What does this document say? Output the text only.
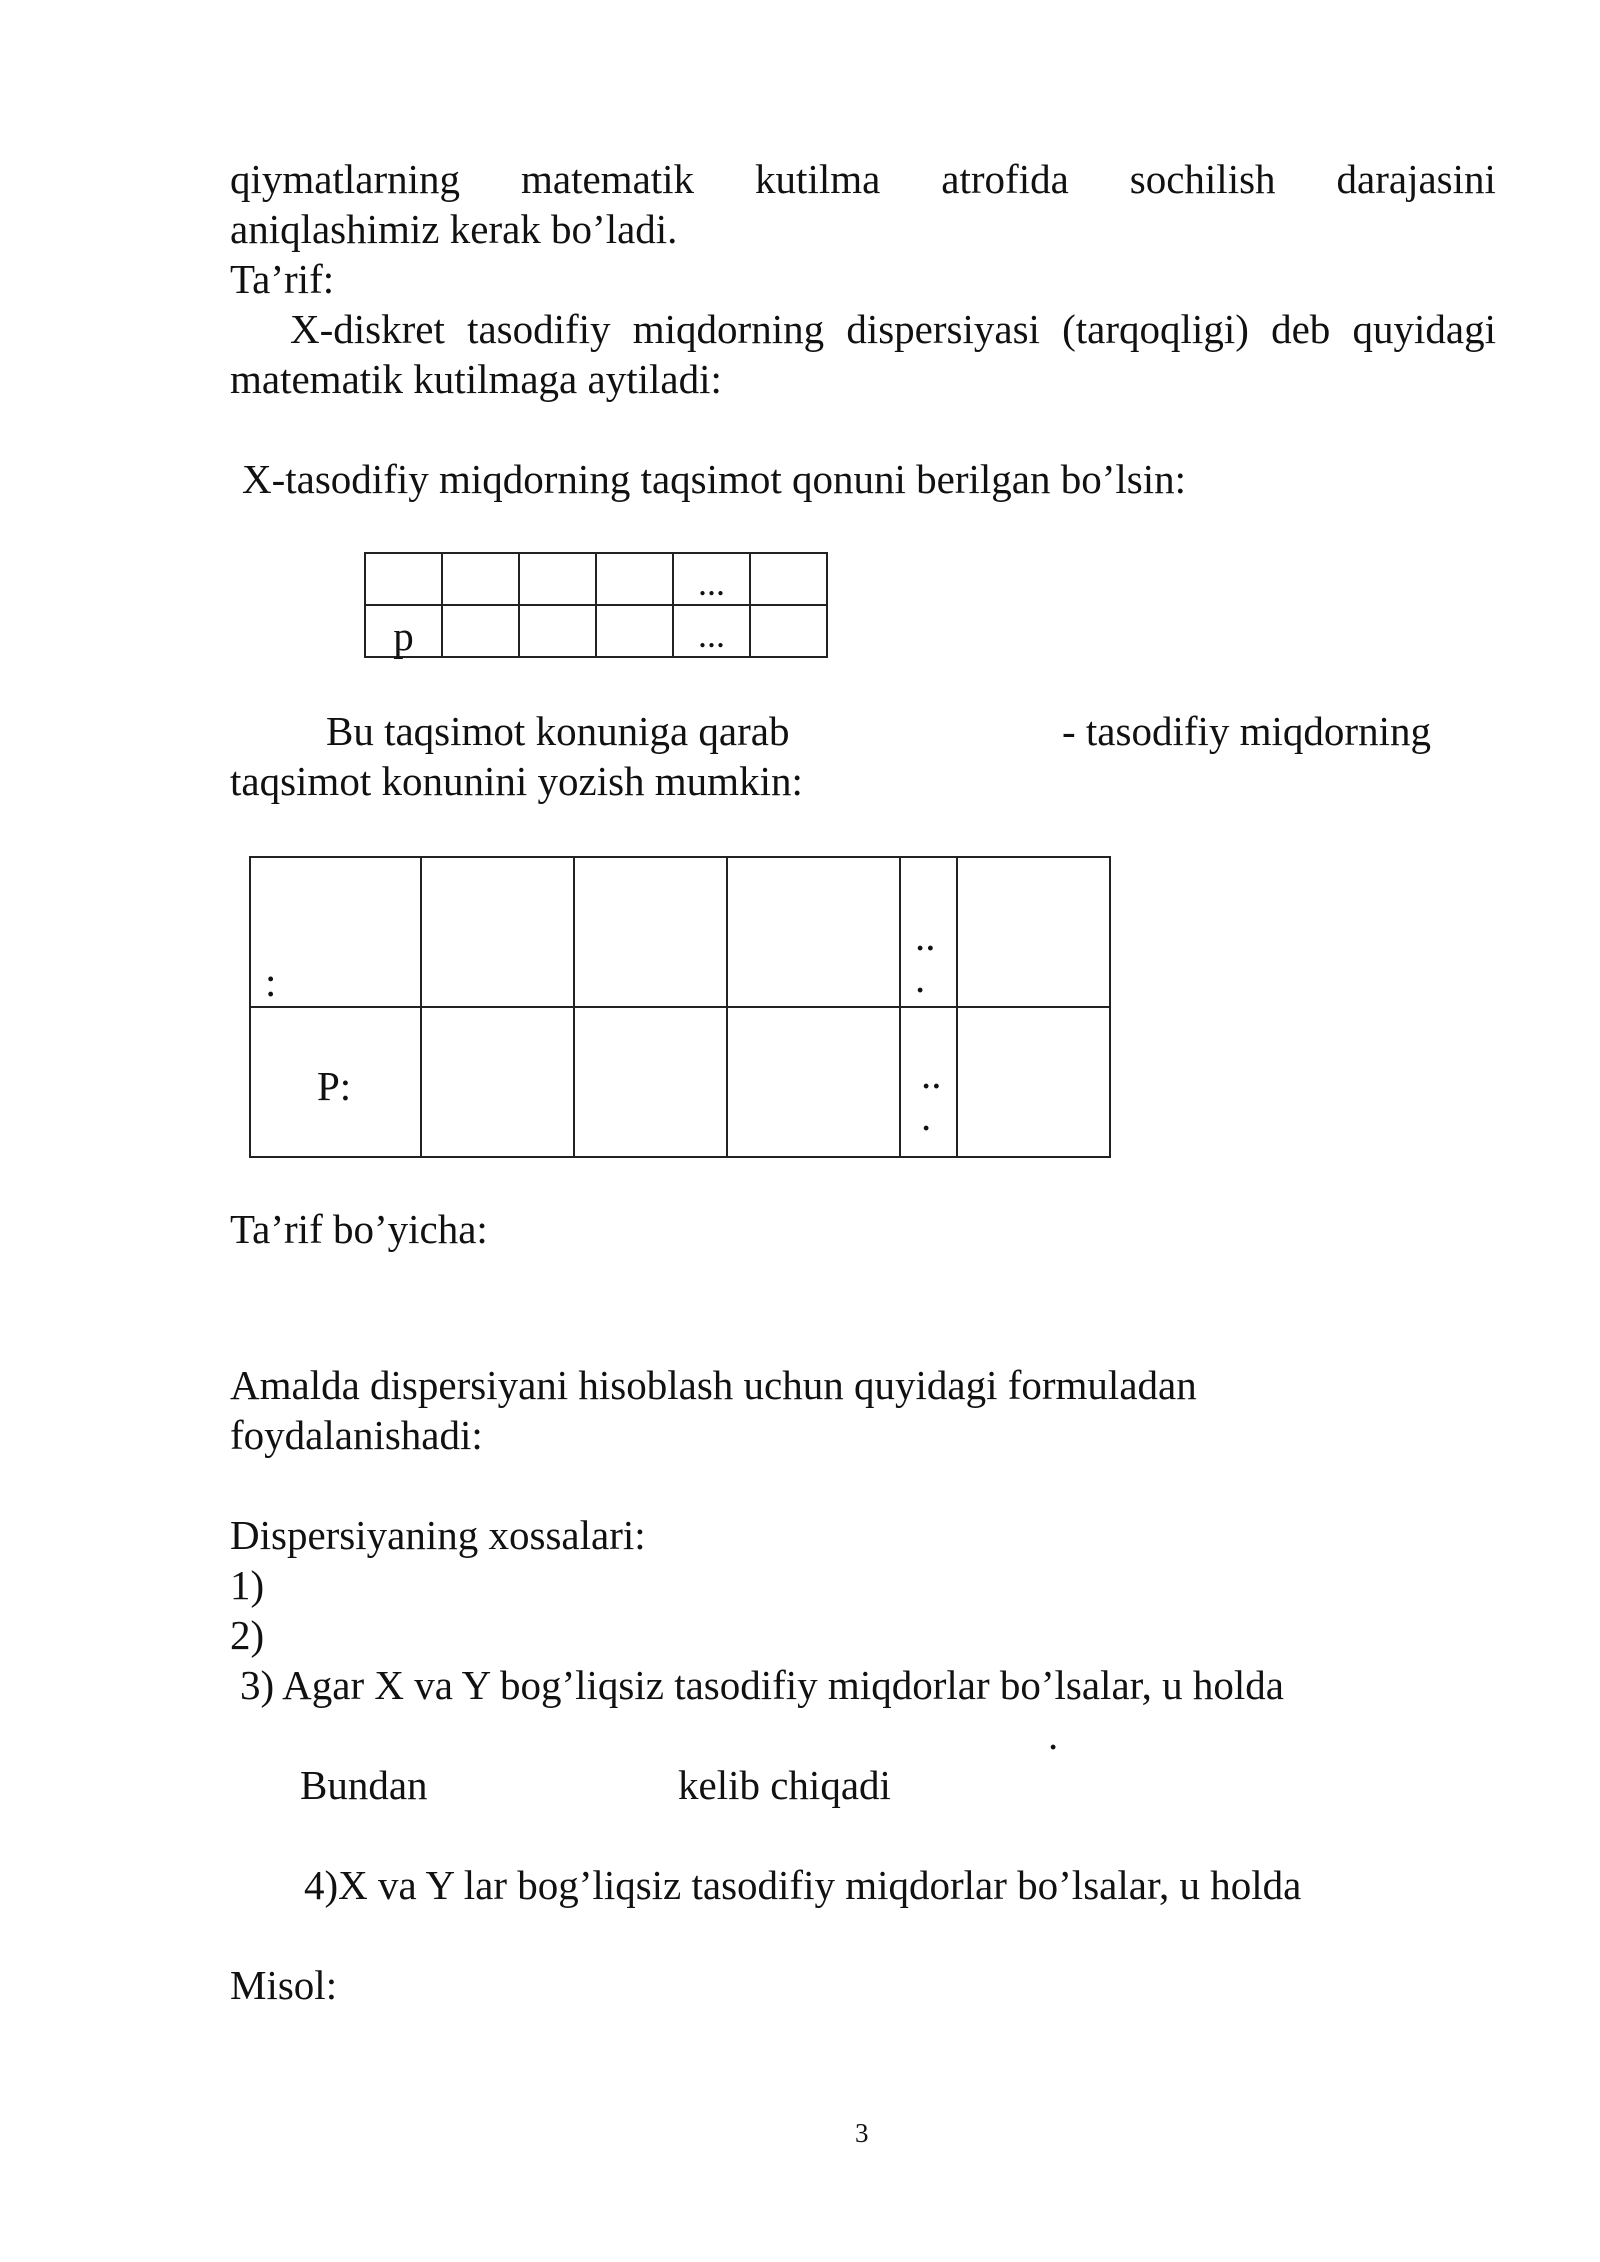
qiymatlarning matematik kutilma atrofida sochilish darajasini
aniqlashimiz kerak bo’ladi.
Ta’rif:
X-diskret tasodifiy miqdorning dispersiyasi (tarqoqligi) deb quyidagi
matematik kutilmaga aytiladi:
X-tasodifiy miqdorning taqsimot qonuni berilgan bo’lsin:
				...	
p				...	
Bu taqsimot konuniga qarab	- tasodifiy miqdorning
taqsimot konunini yozish mumkin:
:				..
.	

P:				..
.	

Ta’rif bo’yicha:
Amalda dispersiyani hisoblash uchun quyidagi formuladan
foydalanishadi:
Dispersiyaning xossalari:
1)
2)
3) Agar X va Y bog’liqsiz tasodifiy miqdorlar bo’lsalar, u holda
.
Bundan	kelib chiqadi
4)X va Y lar bog’liqsiz tasodifiy miqdorlar bo’lsalar, u holda
Misol:
3
